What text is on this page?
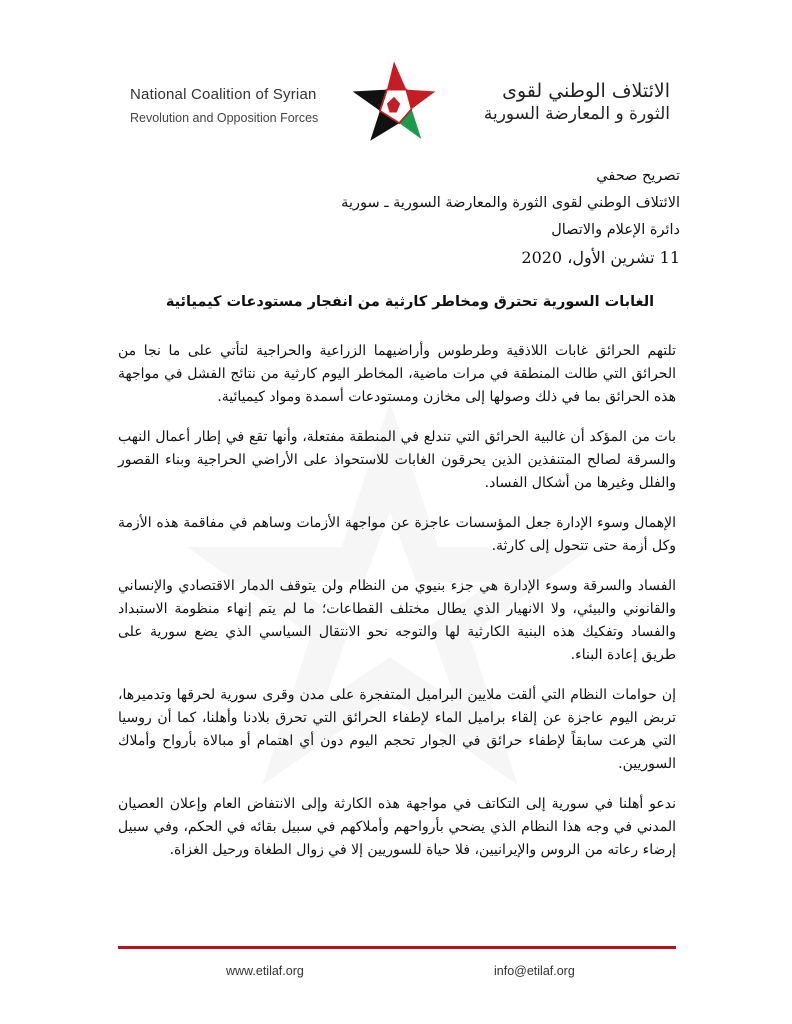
National Coalition of Syrian
Revolution and Opposition Forces
الائتلاف الوطني لقوى
الثورة و المعارضة السورية
تصريح صحفي
الائتلاف الوطني لقوى الثورة والمعارضة السورية ـ سورية
دائرة الإعلام والاتصال
11 تشرين الأول، 2020
الغابات السورية تحترق ومخاطر كارثية من انفجار مستودعات كيميائية

تلتهم الحرائق غابات اللاذقية وطرطوس وأراضيهما الزراعية والحراجية لتأتي على ما نجا من الحرائق التي طالت المنطقة في مرات ماضية، المخاطر اليوم كارثية من نتائج الفشل في مواجهة هذه الحرائق بما في ذلك وصولها إلى مخازن ومستودعات أسمدة ومواد كيميائية.

بات من المؤكد أن غالبية الحرائق التي تندلع في المنطقة مفتعلة، وأنها تقع في إطار أعمال النهب والسرقة لصالح المتنفذين الذين يحرقون الغابات للاستحواذ على الأراضي الحراجية وبناء القصور والفلل وغيرها من أشكال الفساد.

الإهمال وسوء الإدارة جعل المؤسسات عاجزة عن مواجهة الأزمات وساهم في مفاقمة هذه الأزمة وكل أزمة حتى تتحول إلى كارثة.

الفساد والسرقة وسوء الإدارة هي جزء بنيوي من النظام ولن يتوقف الدمار الاقتصادي والإنساني والقانوني والبيئي، ولا الانهيار الذي يطال مختلف القطاعات؛ ما لم يتم إنهاء منظومة الاستبداد والفساد وتفكيك هذه البنية الكارثية لها والتوجه نحو الانتقال السياسي الذي يضع سورية على طريق إعادة البناء.

إن حوامات النظام التي ألقت ملايين البراميل المتفجرة على مدن وقرى سورية لحرقها وتدميرها، تربض اليوم عاجزة عن إلقاء براميل الماء لإطفاء الحرائق التي تحرق بلادنا وأهلنا، كما أن روسيا التي هرعت سابقاً لإطفاء حرائق في الجوار تحجم اليوم دون أي اهتمام أو مبالاة بأرواح وأملاك السوريين.

ندعو أهلنا في سورية إلى التكاتف في مواجهة هذه الكارثة وإلى الانتفاض العام وإعلان العصيان المدني في وجه هذا النظام الذي يضحي بأرواحهم وأملاكهم في سبيل بقائه في الحكم، وفي سبيل إرضاء رعاته من الروس والإيرانيين، فلا حياة للسوريين إلا في زوال الطغاة ورحيل الغزاة.

www.etilaf.org	info@etilaf.org
